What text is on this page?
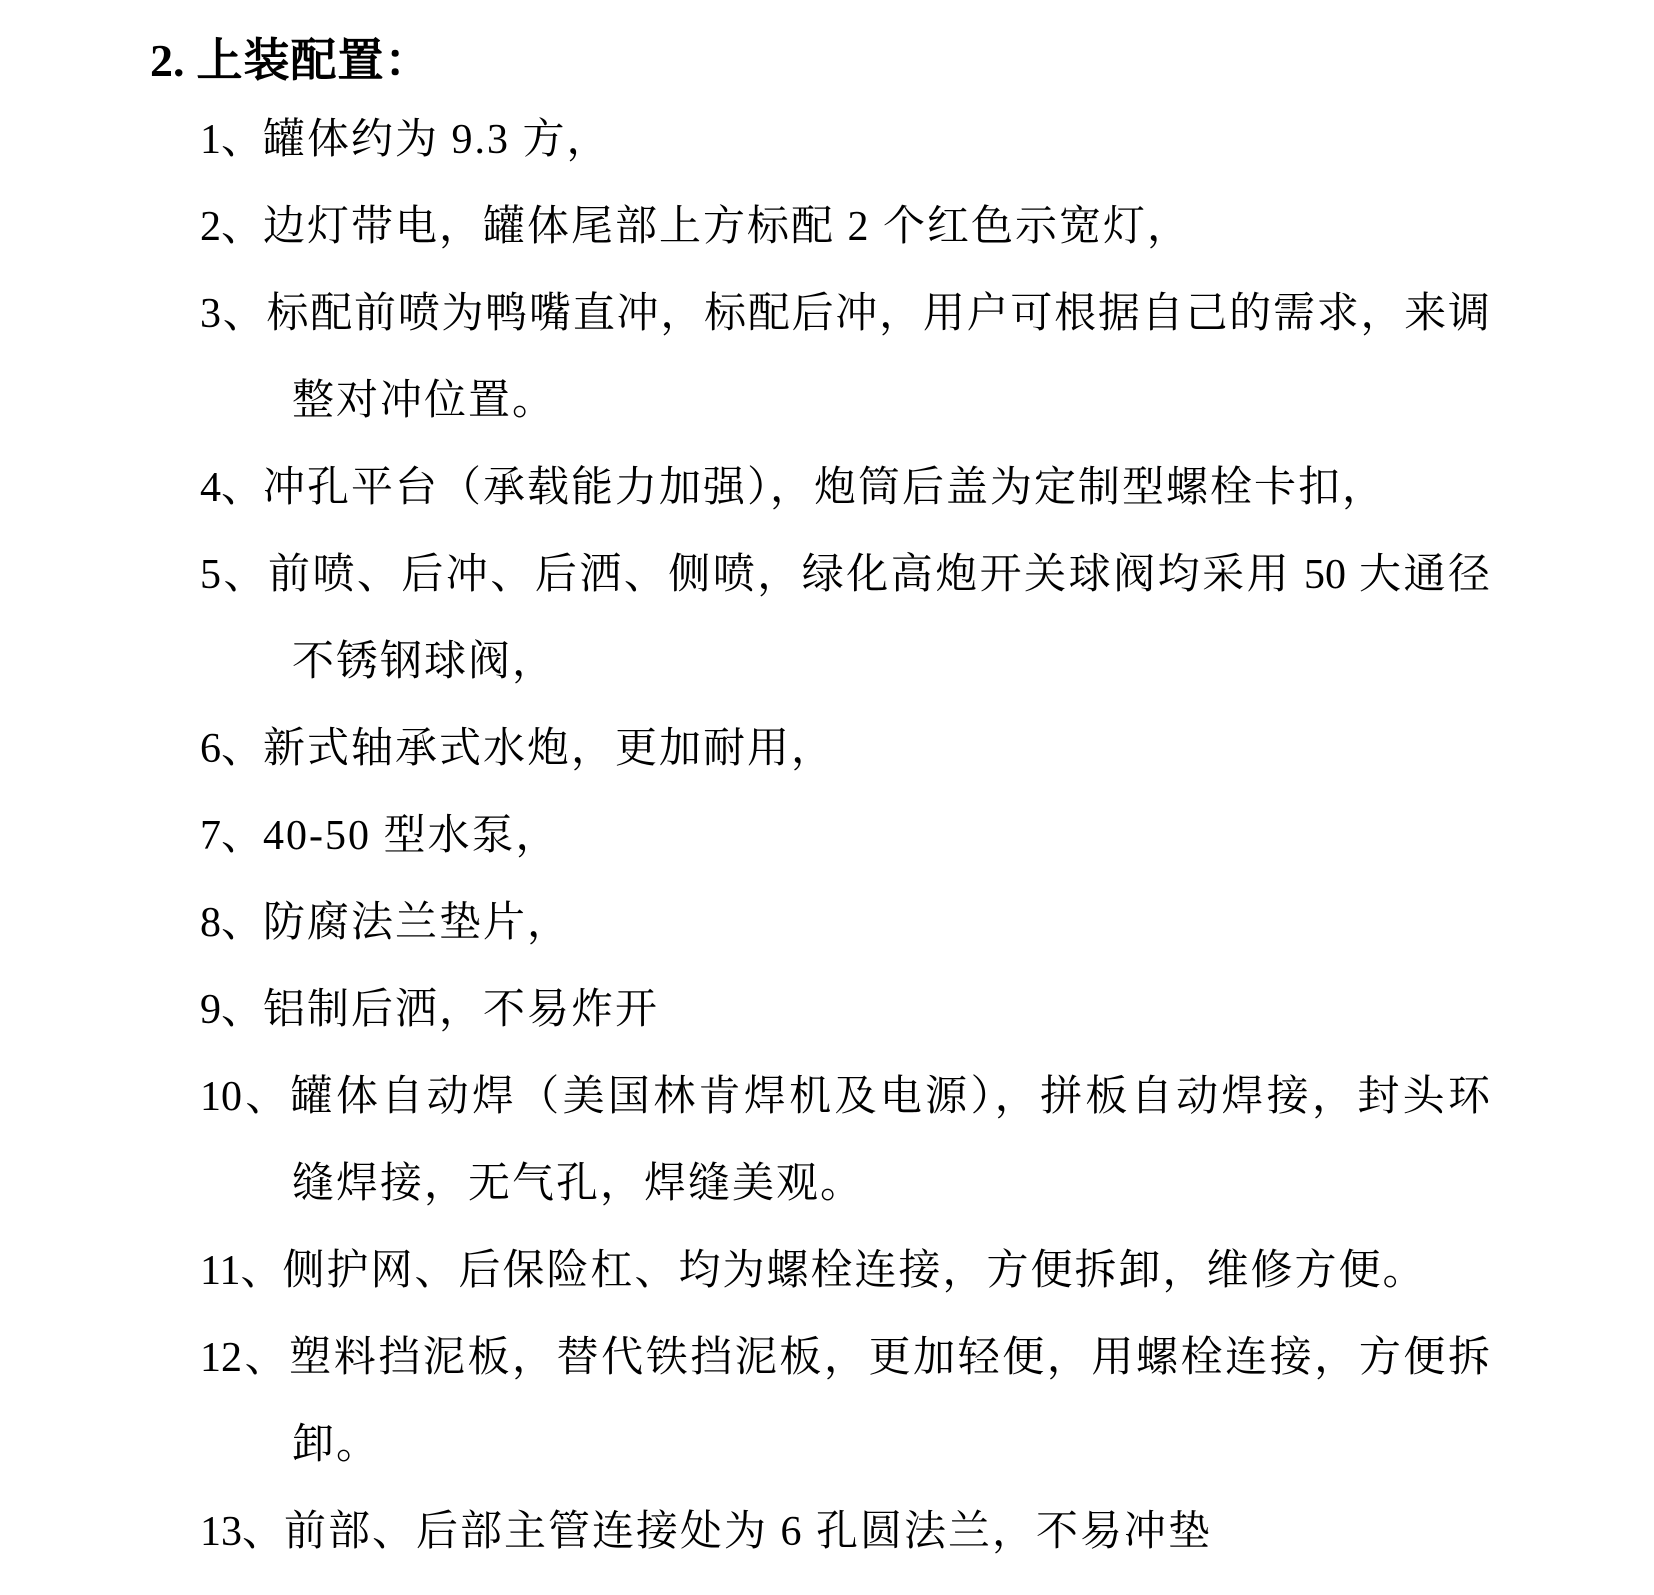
2. 上装配置：
1、罐体约为 9.3 方，
2、边灯带电，罐体尾部上方标配 2 个红色示宽灯，
3、标配前喷为鸭嘴直冲，标配后冲，用户可根据自己的需求，来调
整对冲位置。
4、冲孔平台（承载能力加强），炮筒后盖为定制型螺栓卡扣，
5、前喷、后冲、后洒、侧喷，绿化高炮开关球阀均采用 50 大通径
不锈钢球阀，
6、新式轴承式水炮，更加耐用，
7、40-50 型水泵，
8、防腐法兰垫片，
9、铝制后洒，不易炸开
10、罐体自动焊（美国林肯焊机及电源），拼板自动焊接，封头环
缝焊接，无气孔，焊缝美观。
11、侧护网、后保险杠、均为螺栓连接，方便拆卸，维修方便。
12、塑料挡泥板，替代铁挡泥板，更加轻便，用螺栓连接，方便拆
卸。
13、前部、后部主管连接处为 6 孔圆法兰，不易冲垫
